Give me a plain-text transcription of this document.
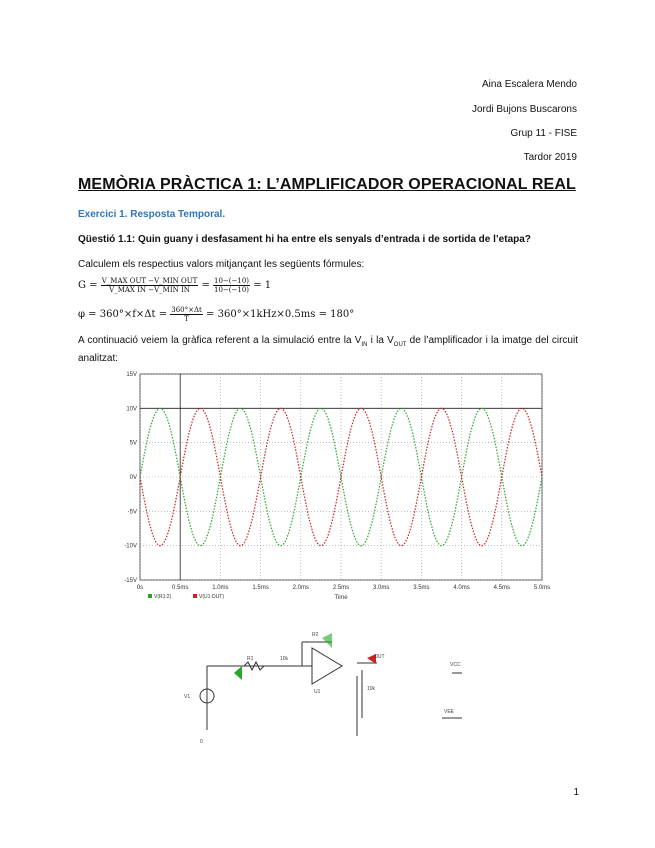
Aina Escalera Mendo
Jordi Bujons Buscarons
Grup 11 - FISE
Tardor 2019
MEMÒRIA PRÀCTICA 1: L’AMPLIFICADOR OPERACIONAL REAL
Exercici 1. Resposta Temporal.
Qüestió 1.1: Quin guany i desfasament hi ha entre els senyals d’entrada i de sortida de l’etapa?
Calculem els respectius valors mitjançant les següents fórmules:
$G = \frac{\text{V\_MAX OUT −V\_MIN OUT}}{\text{V\_MAX IN −V\_MIN IN}} = \frac{10-(-10)}{10-(-10)} = 1$
$\varphi = 360^\circ\times f\times\Delta t = \frac{360^\circ\times\Delta t}{T} = 360^\circ\times 1kHz\times 0.5ms = 180^\circ$
A continuació veiem la gràfica referent a la simulació entre la $V_{IN}$ i la $V_{OUT}$ de l’amplificador i la imatge del circuit analitzat:
0s	0.5ms	1.0ms	1.5ms	2.0ms	2.5ms	3.0ms	3.5ms	4.0ms	4.5ms	5.0ms
-15V
-10V
-5V
0V
5V
10V
15V
Time
V(R1:2)	V(U1:OUT)
R1
R2
U1
V1
VCC
VEE
0
OUT
10k
10k
1
